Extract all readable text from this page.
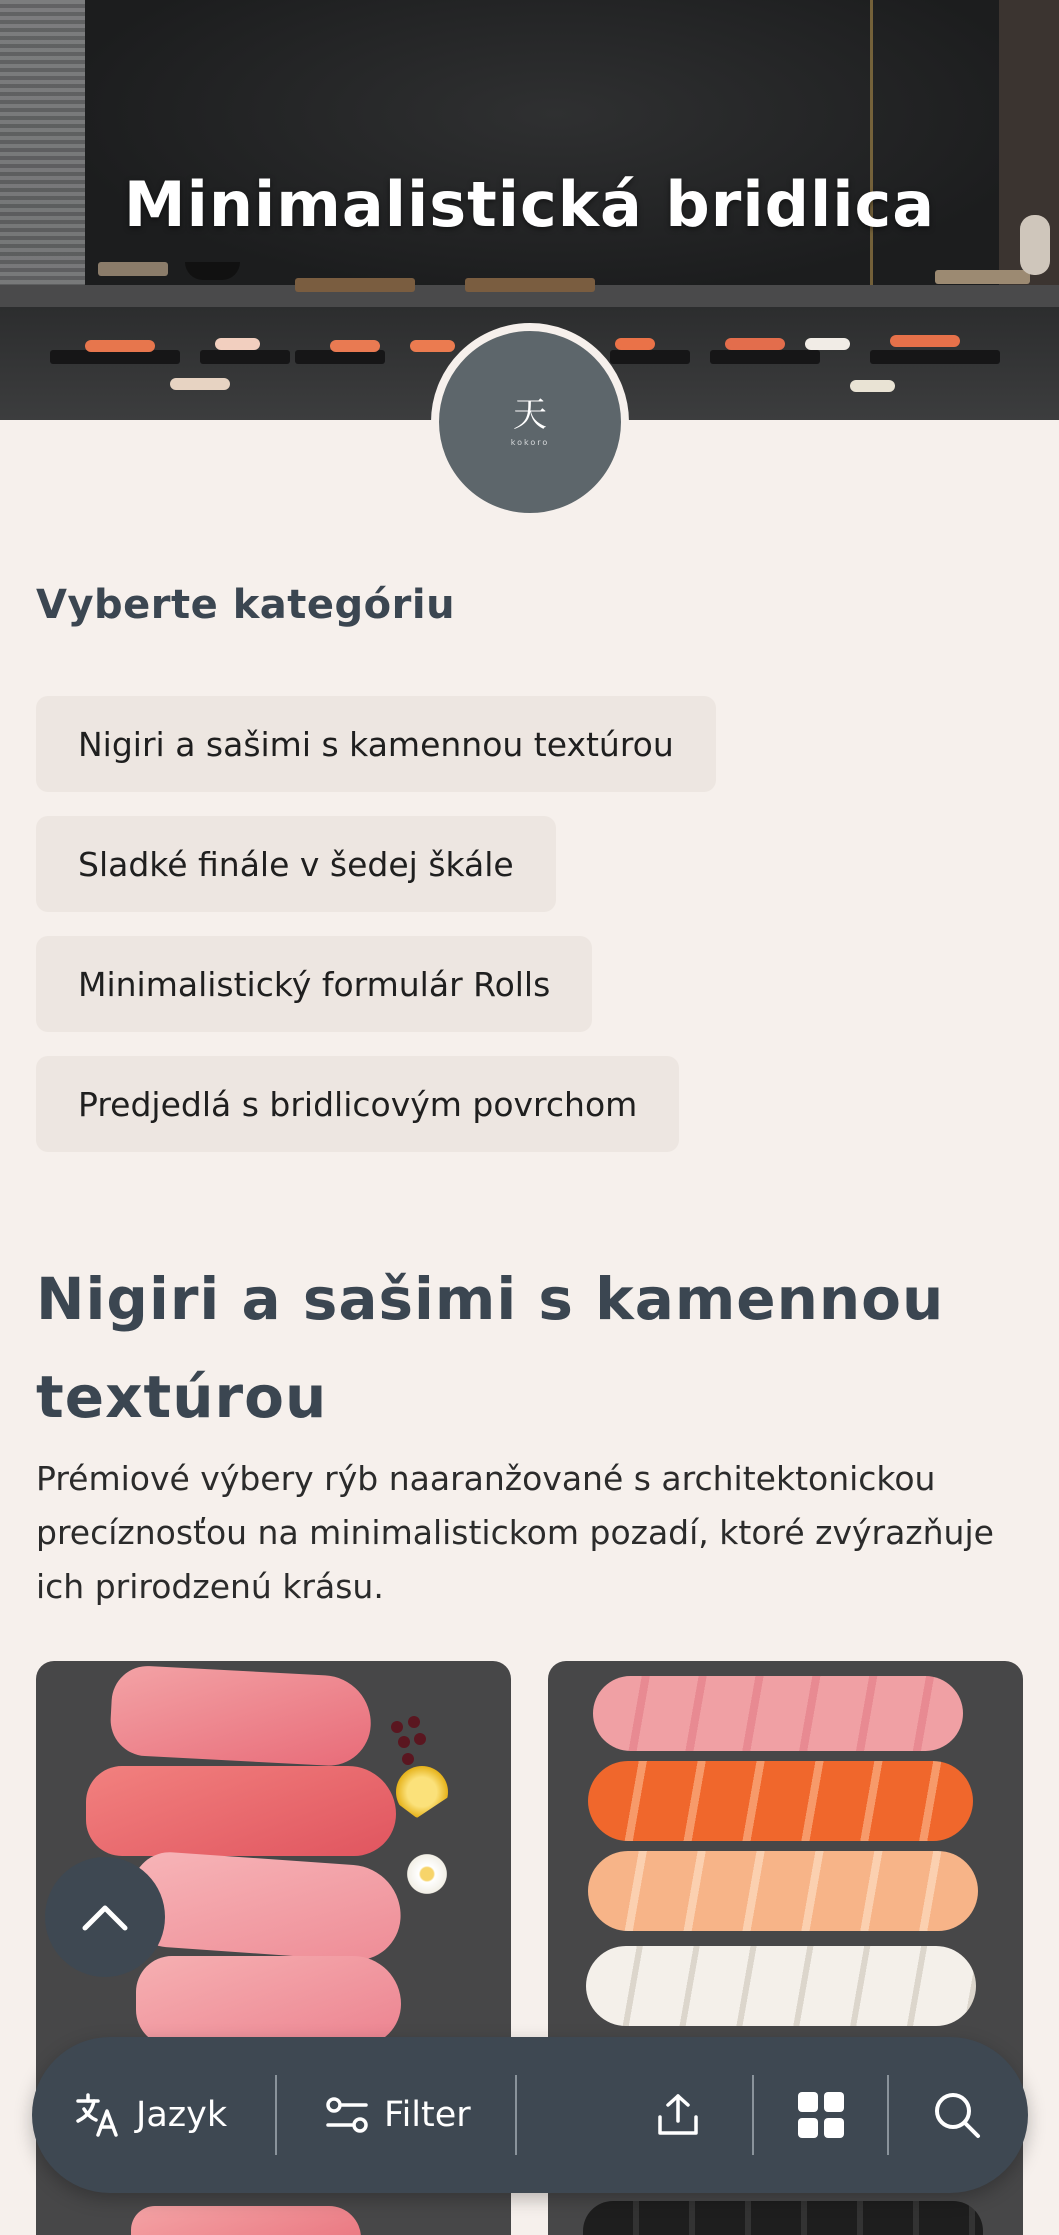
Minimalistická bridlica
天
kokoro
Vyberte kategóriu
Nigiri a sašimi s kamennou textúrou
Sladké finále v šedej škále
Minimalistický formulár Rolls
Predjedlá s bridlicovým povrchom
Nigiri a sašimi s kamennou textúrou
Prémiové výbery rýb naaranžované s architektonickou precíznosťou na minimalistickom pozadí, ktoré zvýrazňuje ich prirodzenú krásu.
Jazyk	Filter
